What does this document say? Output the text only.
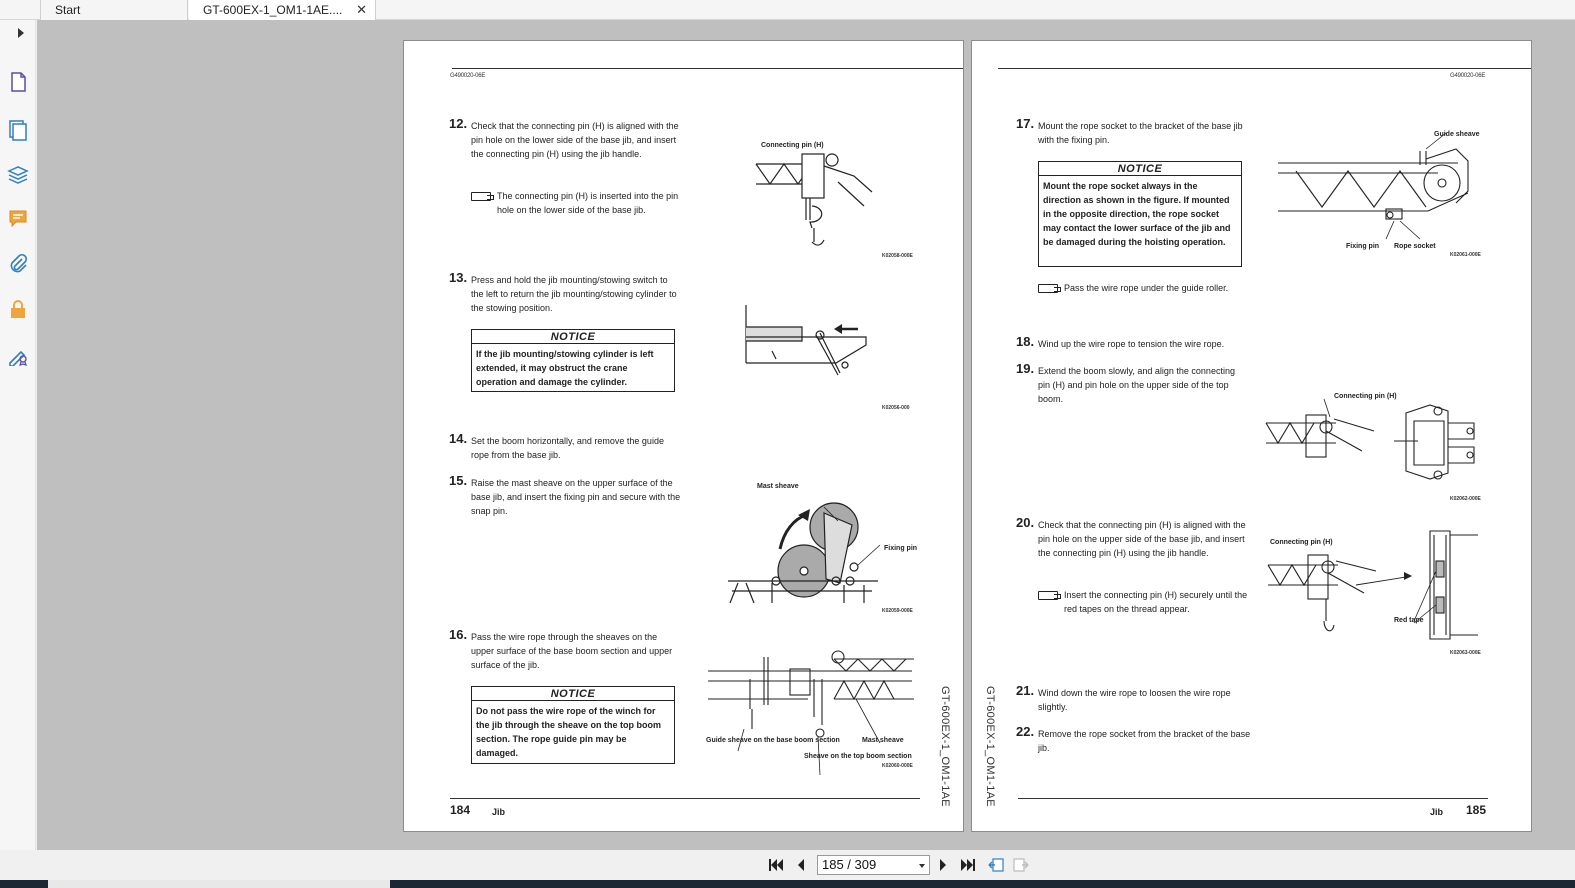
Start	GT-600EX-1_OM1-1AE.... ✕
G490020-06E
12. Check that the connecting pin (H) is aligned with the pin hole on the lower side of the base jib, and insert the connecting pin (H) using the jib handle.
The connecting pin (H) is inserted into the pin hole on the lower side of the base jib.
Connecting pin (H)
K02058-000E
13. Press and hold the jib mounting/stowing switch to the left to return the jib mounting/stowing cylinder to the stowing position.
NOTICE
If the jib mounting/stowing cylinder is left extended, it may obstruct the crane operation and damage the cylinder.
K02056-000
14. Set the boom horizontally, and remove the guide rope from the base jib.
15. Raise the mast sheave on the upper surface of the base jib, and insert the fixing pin and secure with the snap pin.
Mast sheave
Fixing pin
K02059-000E
16. Pass the wire rope through the sheaves on the upper surface of the base boom section and upper surface of the jib.
NOTICE
Do not pass the wire rope of the winch for the jib through the sheave on the top boom section. The rope guide pin may be damaged.
Guide sheave on the base boom section
Sheave on the top boom section
Mast sheave
K02060-000E GT-600EX-1_OM1-1AE
184 Jib
G490020-06E
17. Mount the rope socket to the bracket of the base jib with the fixing pin.
NOTICE
Mount the rope socket always in the direction as shown in the figure. If mounted in the opposite direction, the rope socket may contact the lower surface of the jib and be damaged during the hoisting operation.
Pass the wire rope under the guide roller.
Guide sheave
Fixing pin Rope socket
K02061-000E
18. Wind up the wire rope to tension the wire rope.
19. Extend the boom slowly, and align the connecting pin (H) and pin hole on the upper side of the top boom.	Connecting pin (H)
K02062-000E
20. Check that the connecting pin (H) is aligned with the pin hole on the upper side of the base jib, and insert the connecting pin (H) using the jib handle.
Insert the connecting pin (H) securely until the red tapes on the thread appear.
Connecting pin (H)
Red tape
K02063-000E
21. Wind down the wire rope to loosen the wire rope slightly.
22. Remove the rope socket from the bracket of the base jib.
GT-600EX-1_OM1-1AE
Jib 185
185 / 309
